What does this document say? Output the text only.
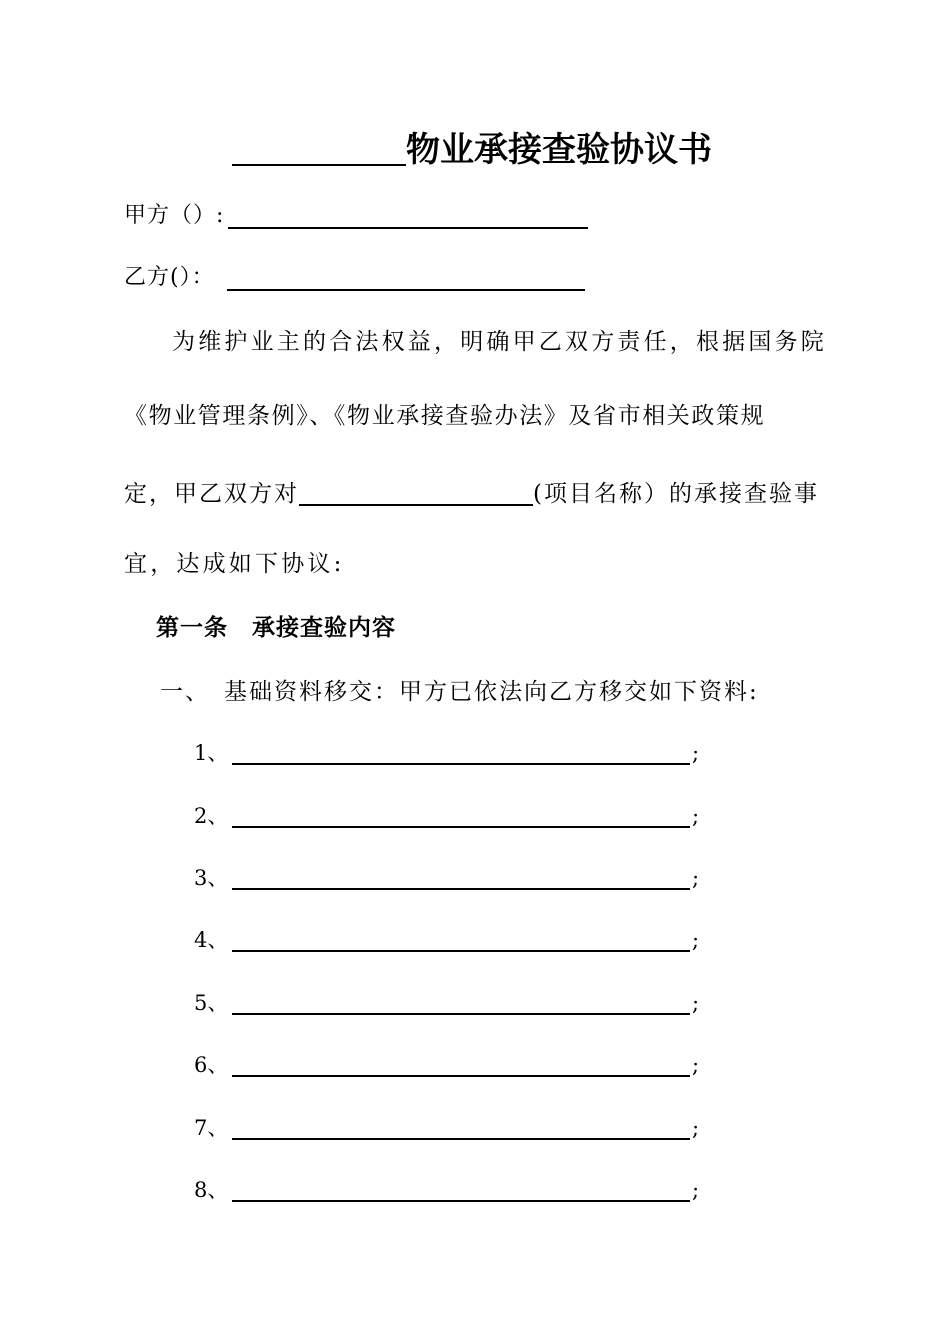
物业承接查验协议书
甲方（）:
乙方(）：
为维护业主的合法权益，明确甲乙双方责任，根据国务院
《物业管理条例》、《物业承接查验办法》及省市相关政策规
定，甲乙双方对	(项目名称）的承接查验事
宜，达成如下协议:
第一条 承接查验内容
一、 基础资料移交：甲方已依法向乙方移交如下资料:
1、	;
2、	;
3、	;
4、	;
5、	;
6、	;
7、	;
8、	;
